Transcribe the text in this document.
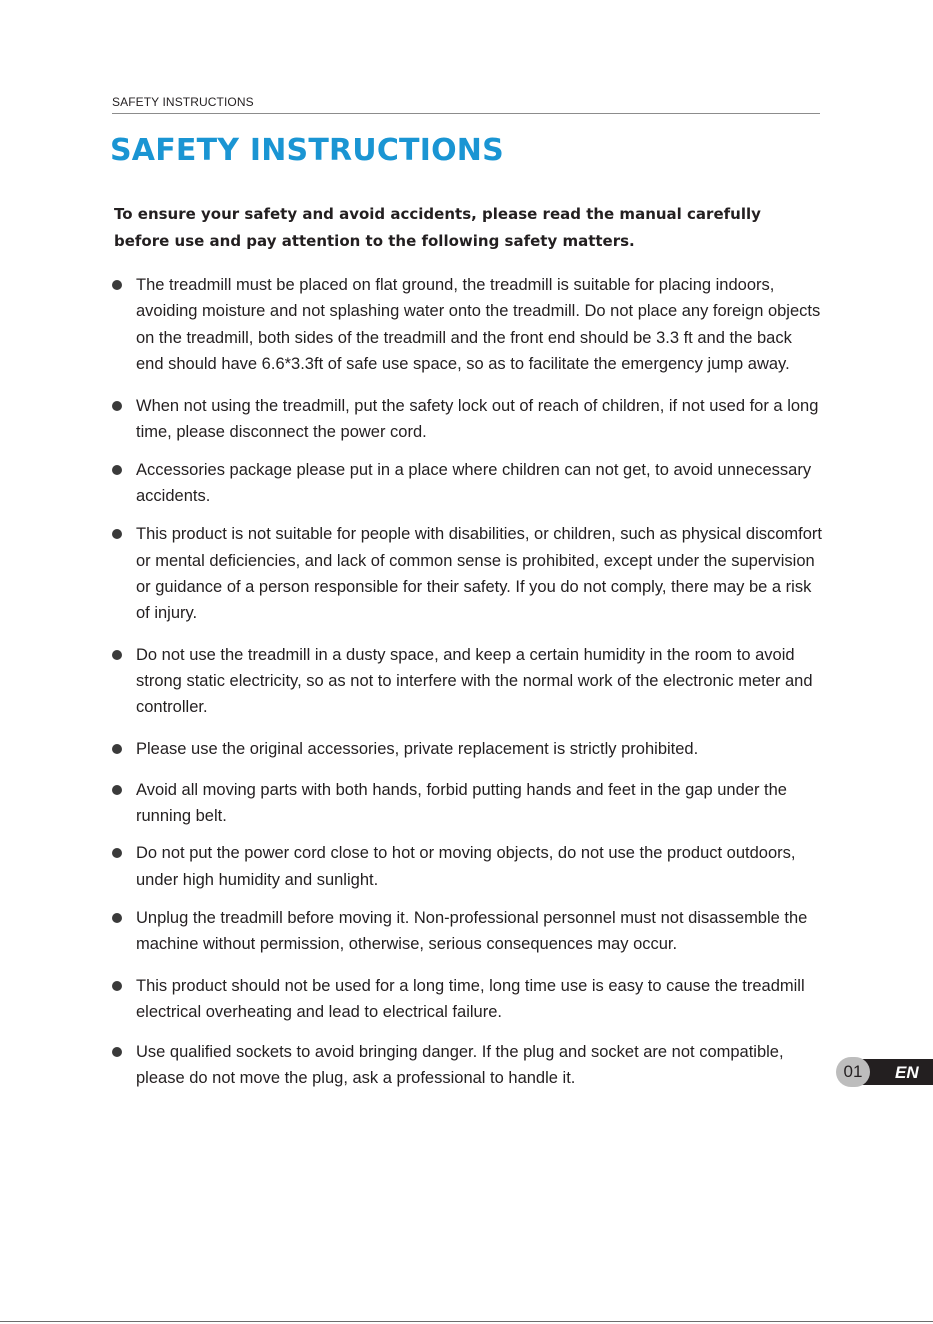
SAFETY INSTRUCTIONS
SAFETY INSTRUCTIONS

To ensure your safety and avoid accidents, please read the manual carefully before use and pay attention to the following safety matters.

The treadmill must be placed on flat ground, the treadmill is suitable for placing indoors, avoiding moisture and not splashing water onto the treadmill. Do not place any foreign objects on the treadmill, both sides of the treadmill and the front end should be 3.3 ft and the back end should have 6.6*3.3ft of safe use space, so as to facilitate the emergency jump away.
When not using the treadmill, put the safety lock out of reach of children, if not used for a long time, please disconnect the power cord.
Accessories package please put in a place where children can not get, to avoid unnecessary accidents.
This product is not suitable for people with disabilities, or children, such as physical discomfort or mental deficiencies, and lack of common sense is prohibited, except under the supervision or guidance of a person responsible for their safety. If you do not comply, there may be a risk of injury.
Do not use the treadmill in a dusty space, and keep a certain humidity in the room to avoid strong static electricity, so as not to interfere with the normal work of the electronic meter and controller.
Please use the original accessories, private replacement is strictly prohibited.
Avoid all moving parts with both hands, forbid putting hands and feet in the gap under the running belt.
Do not put the power cord close to hot or moving objects, do not use the product outdoors, under high humidity and sunlight.
Unplug the treadmill before moving it. Non-professional personnel must not disassemble the machine without permission, otherwise, serious consequences may occur.
This product should not be used for a long time, long time use is easy to cause the treadmill electrical overheating and lead to electrical failure.
Use qualified sockets to avoid bringing danger. If the plug and socket are not compatible, please do not move the plug, ask a professional to handle it.	EN
01
